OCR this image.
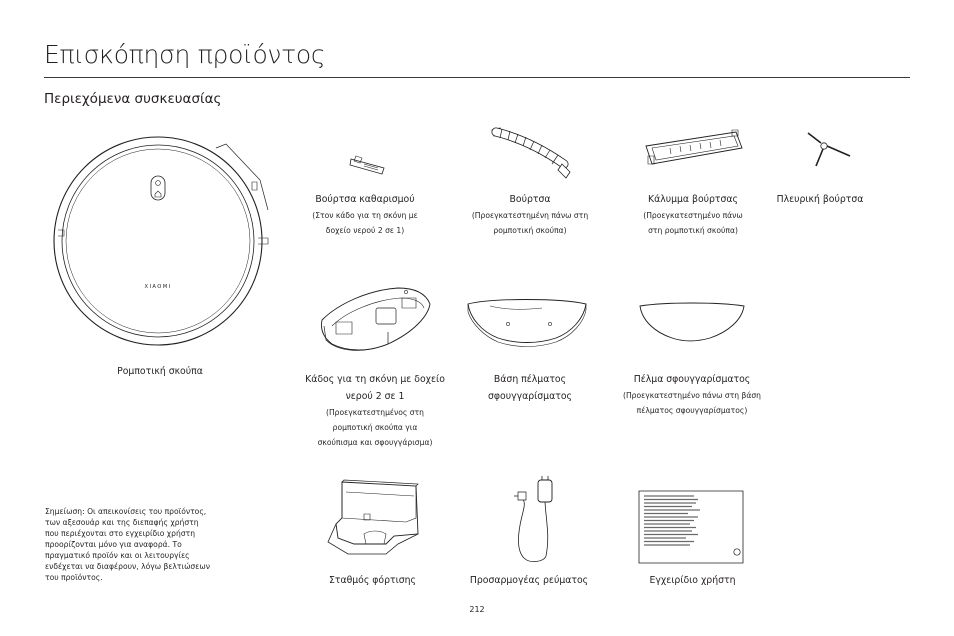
Επισκόπηση προϊόντος
Περιεχόμενα συσκευασίας
XIAOMI
Ρομποτική σκούπα
Βούρτσα καθαρισμού
(Στον κάδο για τη σκόνη με
δοχείο νερού 2 σε 1)
Βούρτσα
(Προεγκατεστημένη πάνω στη
ρομποτική σκούπα)
Κάλυμμα βούρτσας
(Προεγκατεστημένο πάνω
στη ρομποτική σκούπα)
Πλευρική βούρτσα
Κάδος για τη σκόνη με δοχείο
νερού 2 σε 1
(Προεγκατεστημένος στη
ρομποτική σκούπα για
σκούπισμα και σφουγγάρισμα)
Βάση πέλματος
σφουγγαρίσματος
Πέλμα σφουγγαρίσματος
(Προεγκατεστημένο πάνω στη βάση
πέλματος σφουγγαρίσματος)
Σταθμός φόρτισης	Προσαρμογέας ρεύματος	Εγχειρίδιο χρήστη
Σημείωση: Οι απεικονίσεις του προϊόντος,
των αξεσουάρ και της διεπαφής χρήστη
που περιέχονται στο εγχειρίδιο χρήστη
προορίζονται μόνο για αναφορά. Το
πραγματικό προϊόν και οι λειτουργίες
ενδέχεται να διαφέρουν, λόγω βελτιώσεων
του προϊόντος.
212
